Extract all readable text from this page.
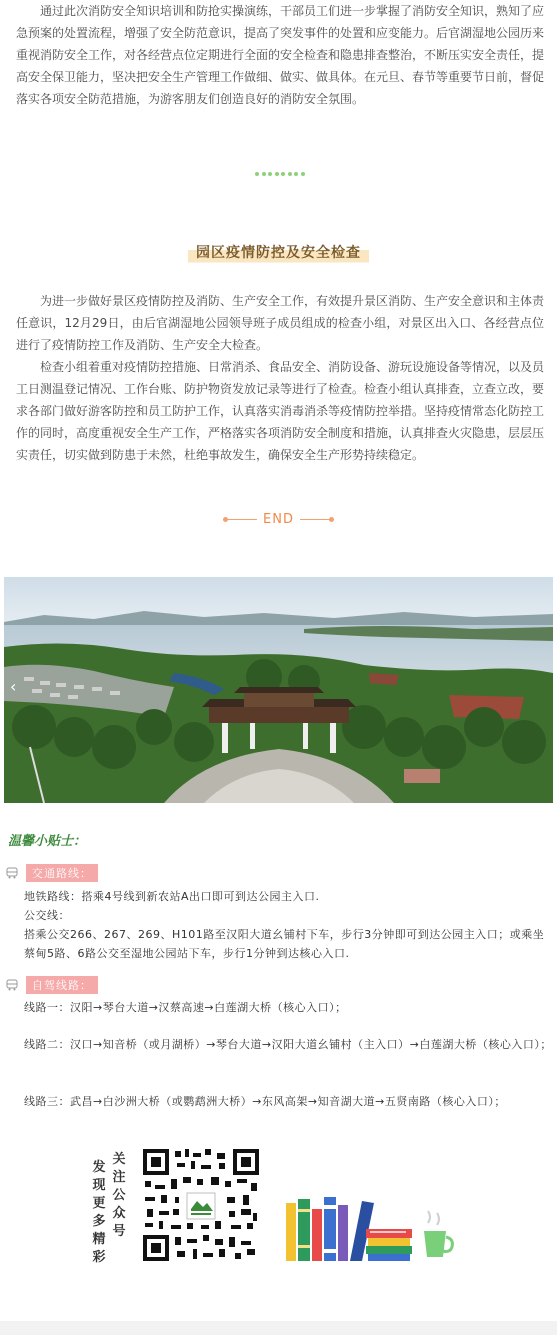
通过此次消防安全知识培训和防抢实操演练，干部员工们进一步掌握了消防安全知识，熟知了应急预案的处置流程，增强了安全防范意识，提高了突发事件的处置和应变能力。后官湖湿地公园历来重视消防安全工作，对各经营点位定期进行全面的安全检查和隐患排查整治，不断压实安全责任，提高安全保卫能力，坚决把安全生产管理工作做细、做实、做具体。在元旦、春节等重要节日前，督促落实各项安全防范措施，为游客朋友们创造良好的消防安全氛围。
园区疫情防控及安全检查
为进一步做好景区疫情防控及消防、生产安全工作，有效提升景区消防、生产安全意识和主体责任意识，12月29日，由后官湖湿地公园领导班子成员组成的检查小组，对景区出入口、各经营点位进行了疫情防控工作及消防、生产安全大检查。
检查小组着重对疫情防控措施、日常消杀、食品安全、消防设备、游玩设施设备等情况，以及员工日测温登记情况、工作台账、防护物资发放记录等进行了检查。检查小组认真排查，立查立改，要求各部门做好游客防控和员工防护工作，认真落实消毒消杀等疫情防控举措。坚持疫情常态化防控工作的同时，高度重视安全生产工作，严格落实各项消防安全制度和措施，认真排查火灾隐患，层层压实责任，切实做到防患于未然，杜绝事故发生，确保安全生产形势持续稳定。
END
‹
温馨小贴士：
交通路线：
地铁路线：搭乘4号线到新农站A出口即可到达公园主入口.
公交线：
搭乘公交266、267、269、H101路至汉阳大道幺铺村下车，步行3分钟即可到达公园主入口；或乘坐蔡甸5路、6路公交至湿地公园站下车，步行1分钟到达核心入口.
自驾线路：
线路一：汉阳→琴台大道→汉蔡高速→白莲湖大桥（核心入口）；
线路二：汉口→知音桥（或月湖桥）→琴台大道→汉阳大道幺铺村（主入口）→白莲湖大桥（核心入口）；
线路三：武昌→白沙洲大桥（或鹦鹉洲大桥）→东风高架→知音湖大道→五贤南路（核心入口）；
发现更多精彩
关注公众号
